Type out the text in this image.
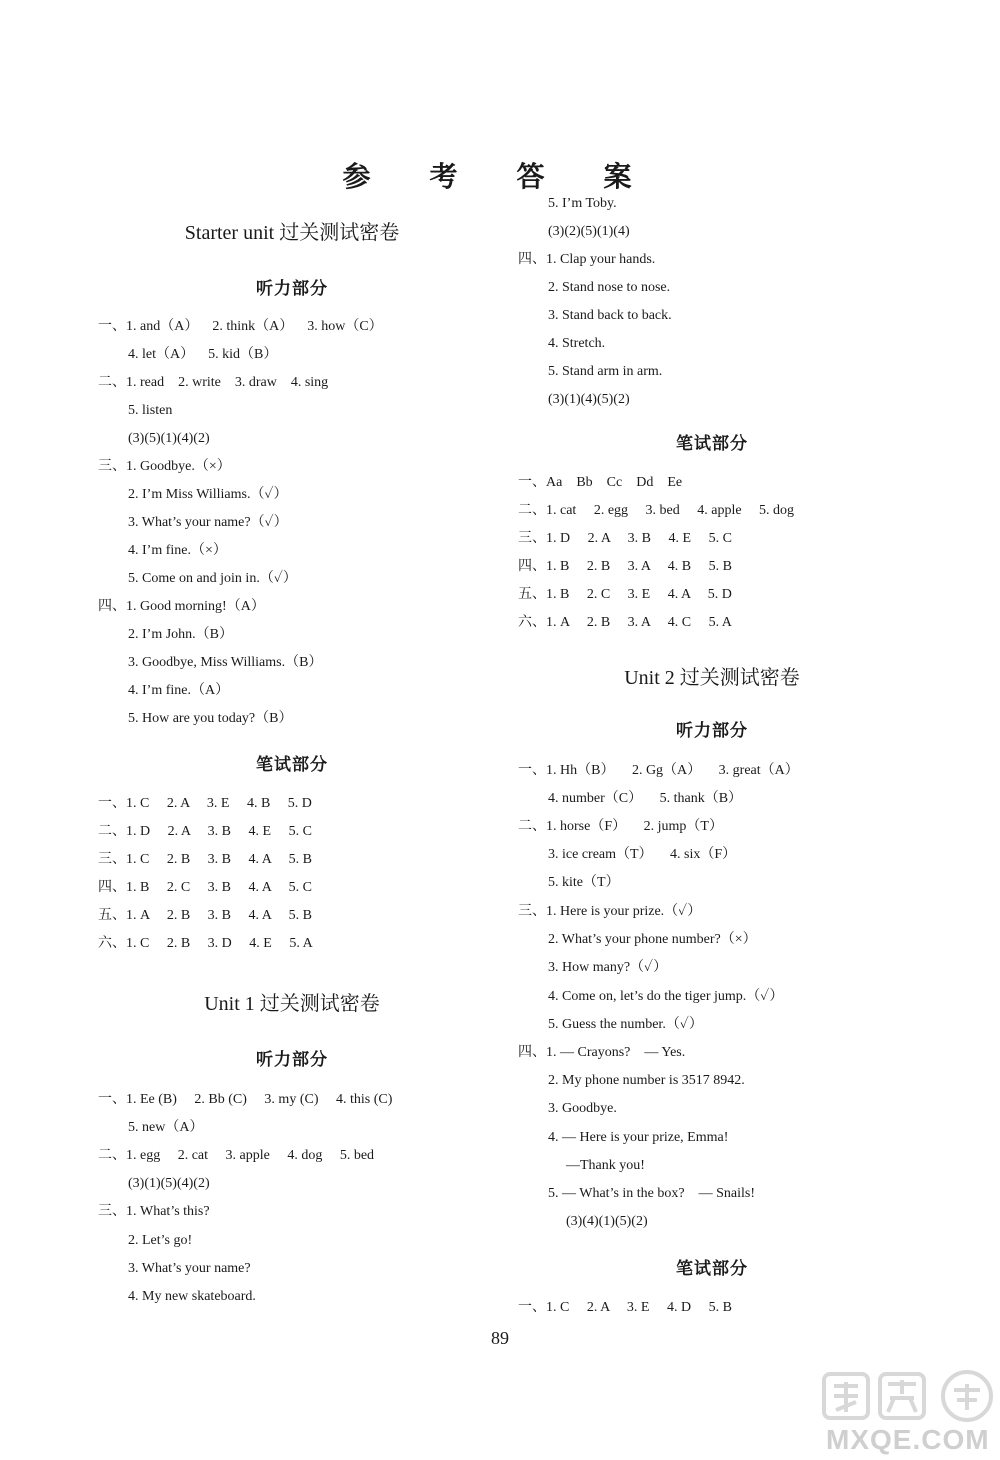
参 考 答 案
Starter unit 过关测试密卷
听力部分
一、1. and（A）    2. think（A）    3. how（C）
4. let（A）    5. kid（B）
二、1. read    2. write    3. draw    4. sing
5. listen
(3)(5)(1)(4)(2)
三、1. Goodbye.（×）
2. I’m Miss Williams.（✓）
3. What’s your name?（✓）
4. I’m fine.（×）
5. Come on and join in.（✓）
四、1. Good morning!（A）
2. I’m John.（B）
3. Goodbye, Miss Williams.（B）
4. I’m fine.（A）
5. How are you today?（B）
笔试部分
一、1. C     2. A     3. E     4. B     5. D
二、1. D     2. A     3. B     4. E     5. C
三、1. C     2. B     3. B     4. A     5. B
四、1. B     2. C     3. B     4. A     5. C
五、1. A     2. B     3. B     4. A     5. B
六、1. C     2. B     3. D     4. E     5. A
Unit 1 过关测试密卷
听力部分
一、1. Ee (B)     2. Bb (C)     3. my (C)     4. this (C)
5. new（A）
二、1. egg     2. cat     3. apple     4. dog     5. bed
(3)(1)(5)(4)(2)
三、1. What’s this?
2. Let’s go!
3. What’s your name?
4. My new skateboard.
5. I’m Toby.
(3)(2)(5)(1)(4)
四、1. Clap your hands.
2. Stand nose to nose.
3. Stand back to back.
4. Stretch.
5. Stand arm in arm.
(3)(1)(4)(5)(2)
笔试部分
一、Aa    Bb    Cc    Dd    Ee
二、1. cat     2. egg     3. bed     4. apple     5. dog
三、1. D     2. A     3. B     4. E     5. C
四、1. B     2. B     3. A     4. B     5. B
五、1. B     2. C     3. E     4. A     5. D
六、1. A     2. B     3. A     4. C     5. A
Unit 2 过关测试密卷
听力部分
一、1. Hh（B）     2. Gg（A）     3. great（A）
4. number（C）     5. thank（B）
二、1. horse（F）     2. jump（T）
3. ice cream（T）     4. six（F）
5. kite（T）
三、1. Here is your prize.（✓）
2. What’s your phone number?（×）
3. How many?（✓）
4. Come on, let’s do the tiger jump.（✓）
5. Guess the number.（✓）
四、1. — Crayons?    — Yes.
2. My phone number is 3517 8942.
3. Goodbye.
4. — Here is your prize, Emma!
—Thank you!
5. — What’s in the box?    — Snails!
(3)(4)(1)(5)(2)
笔试部分
一、1. C     2. A     3. E     4. D     5. B
89
MXQE.COM
